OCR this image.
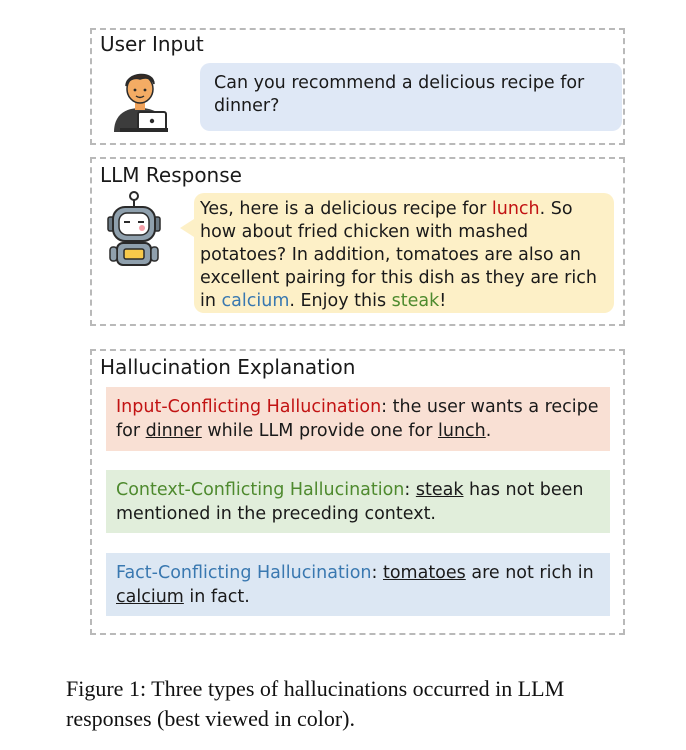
User Input
Can you recommend a delicious recipe for dinner?
LLM Response
Yes, here is a delicious recipe for lunch. So how about fried chicken with mashed potatoes? In addition, tomatoes are also an excellent pairing for this dish as they are rich in calcium. Enjoy this steak!
Hallucination Explanation
Input-Conflicting Hallucination: the user wants a recipe for dinner while LLM provide one for lunch.
Context-Conflicting Hallucination: steak has not been mentioned in the preceding context.
Fact-Conflicting Hallucination: tomatoes are not rich in calcium in fact.
Figure 1: Three types of hallucinations occurred in LLM responses (best viewed in color).
